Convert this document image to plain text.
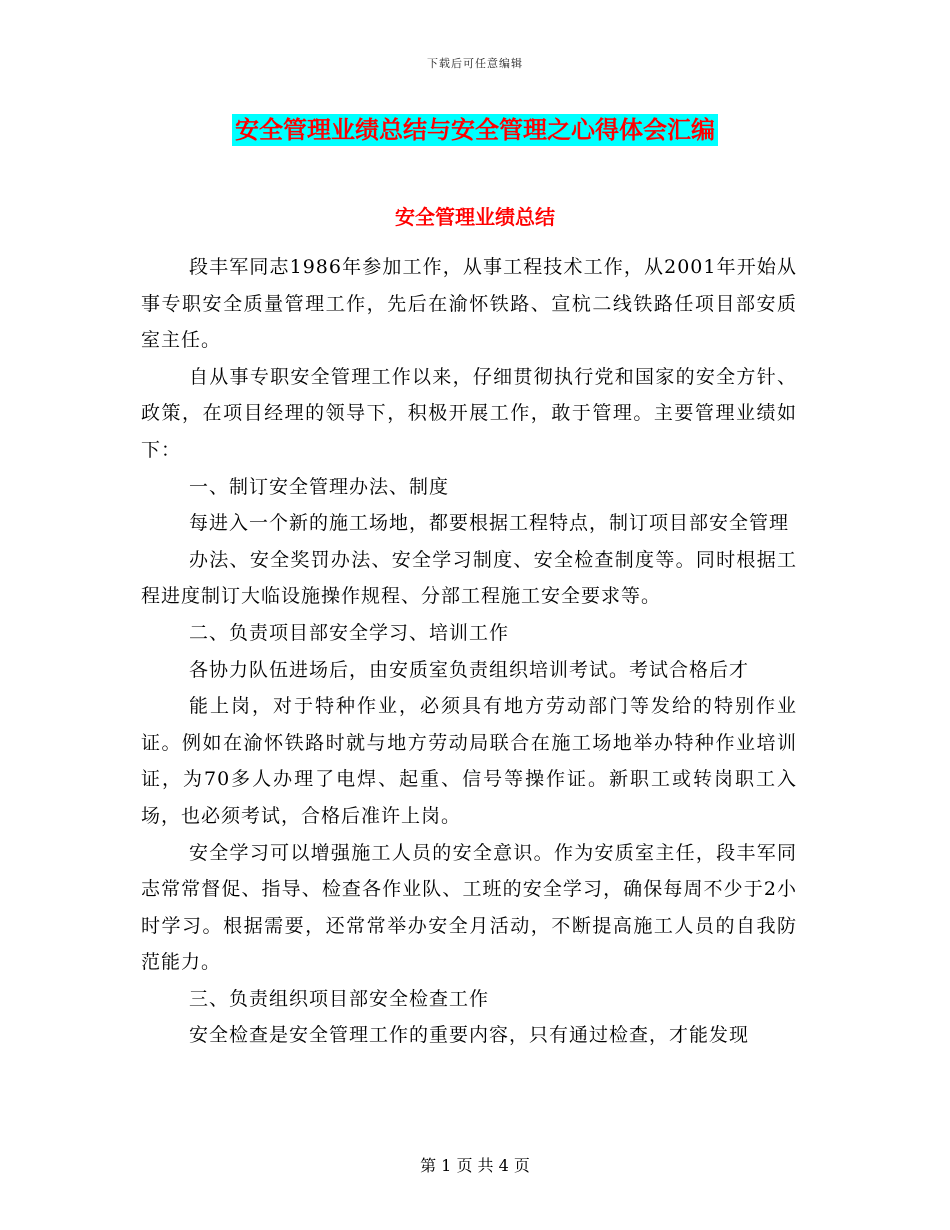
下载后可任意编辑
安全管理业绩总结与安全管理之心得体会汇编
安全管理业绩总结

段丰军同志1986年参加工作，从事工程技术工作，从2001年开始从事专职安全质量管理工作，先后在渝怀铁路、宣杭二线铁路任项目部安质室主任。

自从事专职安全管理工作以来，仔细贯彻执行党和国家的安全方针、政策，在项目经理的领导下，积极开展工作，敢于管理。主要管理业绩如下：

一、制订安全管理办法、制度

每进入一个新的施工场地，都要根据工程特点，制订项目部安全管理

办法、安全奖罚办法、安全学习制度、安全检查制度等。同时根据工程进度制订大临设施操作规程、分部工程施工安全要求等。

二、负责项目部安全学习、培训工作

各协力队伍进场后，由安质室负责组织培训考试。考试合格后才

能上岗，对于特种作业，必须具有地方劳动部门等发给的特别作业证。例如在渝怀铁路时就与地方劳动局联合在施工场地举办特种作业培训证，为70多人办理了电焊、起重、信号等操作证。新职工或转岗职工入场，也必须考试，合格后准许上岗。

安全学习可以增强施工人员的安全意识。作为安质室主任，段丰军同志常常督促、指导、检查各作业队、工班的安全学习，确保每周不少于2小时学习。根据需要，还常常举办安全月活动，不断提高施工人员的自我防范能力。

三、负责组织项目部安全检查工作

安全检查是安全管理工作的重要内容，只有通过检查，才能发现

第 1 页 共 4 页
